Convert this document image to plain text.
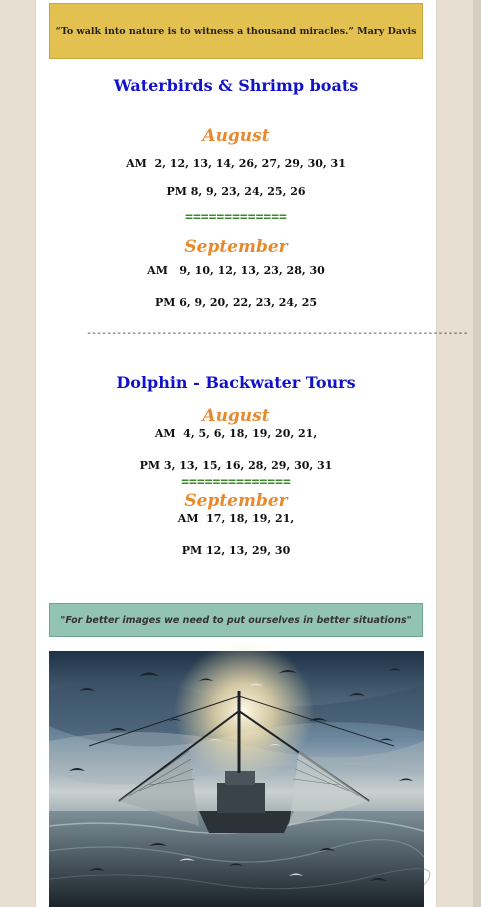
“To walk into nature is to witness a thousand miracles.” Mary Davis
Waterbirds & Shrimp boats
August
AM  2, 12, 13, 14, 26, 27, 29, 30, 31
PM 8, 9, 23, 24, 25, 26
=============
September
AM   9, 10, 12, 13, 23, 28, 30
PM 6, 9, 20, 22, 23, 24, 25
----------------------------------------------------------------------------
Dolphin - Backwater Tours
August
AM  4, 5, 6, 18, 19, 20, 21,
PM 3, 13, 15, 16, 28, 29, 30, 31
==============
September
AM  17, 18, 19, 21,
PM 12, 13, 29, 30
"For better images we need to put ourselves in better situations"
